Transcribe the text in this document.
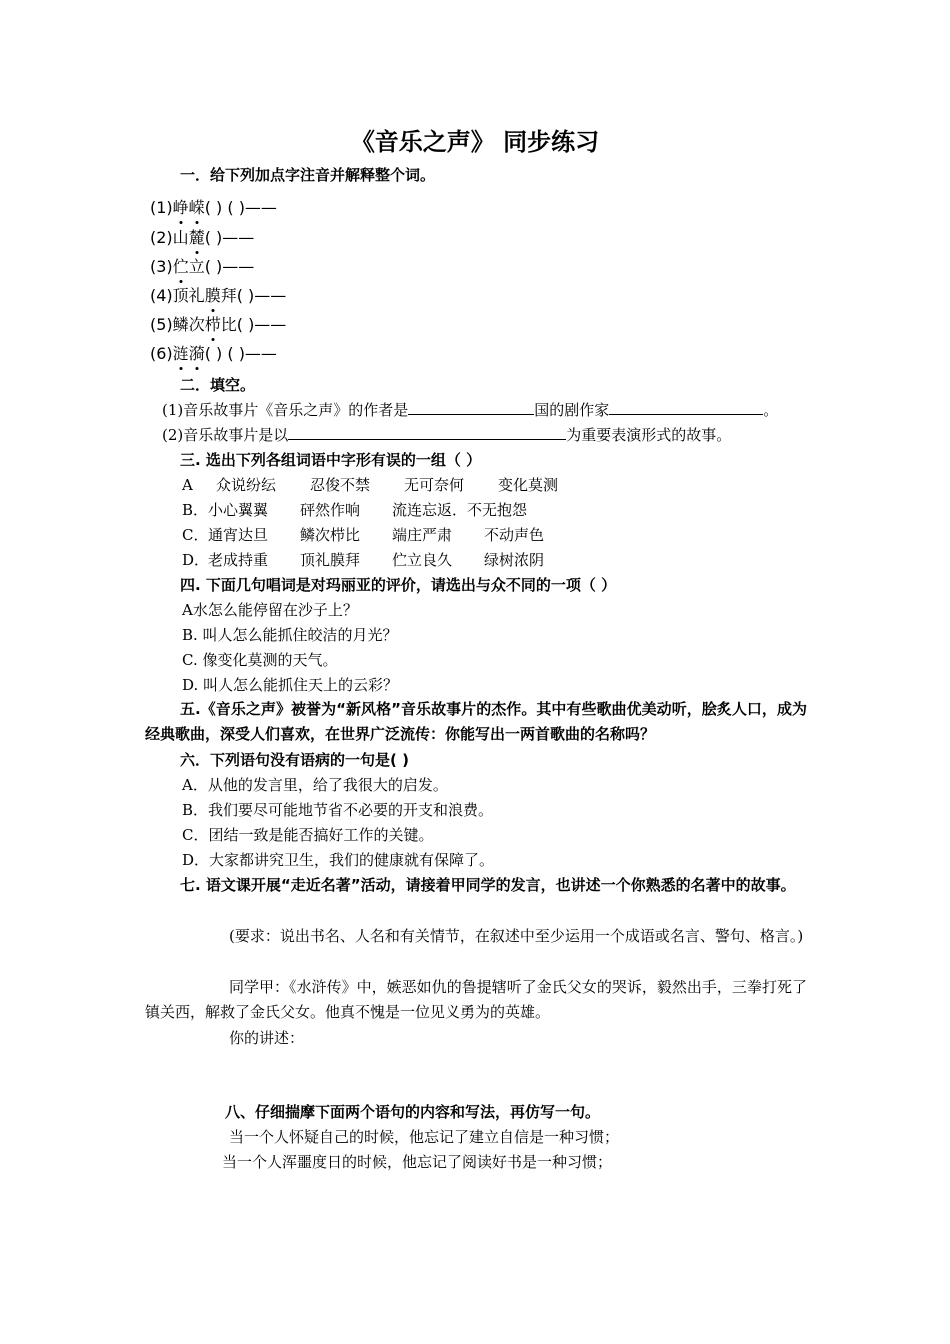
《音乐之声》 同步练习
一．给下列加点字注音并解释整个词。
(1)峥嵘( ) ( )——
(2)山麓( )——
(3)伫立( )——
(4)顶礼膜拜( )——
(5)鳞次栉比( )——
(6)涟漪( ) ( )——
二．填空。
(1)音乐故事片《音乐之声》的作者是	国的剧作家	。
(2)音乐故事片是以	为重要表演形式的故事。
三. 选出下列各组词语中字形有误的一组（ ）
A 众说纷纭 忍俊不禁 无可奈何 变化莫测
B．小心翼翼 砰然作响 流连忘返．不无抱怨
C．通宵达旦 鳞次栉比 端庄严肃 不动声色
D．老成持重 顶礼膜拜 伫立良久 绿树浓阴
四. 下面几句唱词是对玛丽亚的评价，请选出与众不同的一项（ ）
A水怎么能停留在沙子上？
B. 叫人怎么能抓住皎洁的月光？
C. 像变化莫测的天气。
D. 叫人怎么能抓住天上的云彩？
五.《音乐之声》被誉为“新风格”音乐故事片的杰作。其中有些歌曲优美动听，脍炙人口，成为经典歌曲，深受人们喜欢，在世界广泛流传：你能写出一两首歌曲的名称吗？
六．下列语句没有语病的一句是( )
A．从他的发言里，给了我很大的启发。
B．我们要尽可能地节省不必要的开支和浪费。
C．团结一致是能否搞好工作的关键。
D．大家都讲究卫生，我们的健康就有保障了。
七. 语文课开展“走近名著”活动，请接着甲同学的发言，也讲述一个你熟悉的名著中的故事。
(要求：说出书名、人名和有关情节，在叙述中至少运用一个成语或名言、警句、格言。)
同学甲：《水浒传》中，嫉恶如仇的鲁提辖听了金氏父女的哭诉，毅然出手，三拳打死了镇关西，解救了金氏父女。他真不愧是一位见义勇为的英雄。
你的讲述：
八、仔细揣摩下面两个语句的内容和写法，再仿写一句。
当一个人怀疑自己的时候，他忘记了建立自信是一种习惯；
当一个人浑噩度日的时候，他忘记了阅读好书是一种习惯；
